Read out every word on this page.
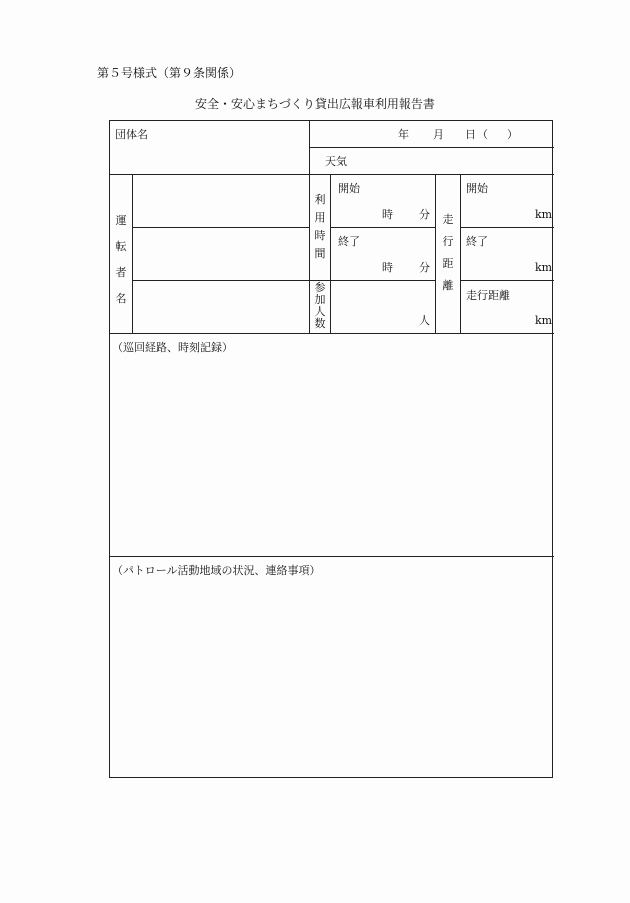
第５号様式（第９条関係）
安全・安心まちづくり貸出広報車利用報告書
団体名	年 月 日 （ ）
天気
運
転
者
名
利
用
時
間
参
加
人
数
走
行
距
離
開始
時 分
終了
時 分
人
開始
km
終了
km
走行距離
km
（巡回経路、時刻記録）
（パトロール活動地域の状況、連絡事項）
